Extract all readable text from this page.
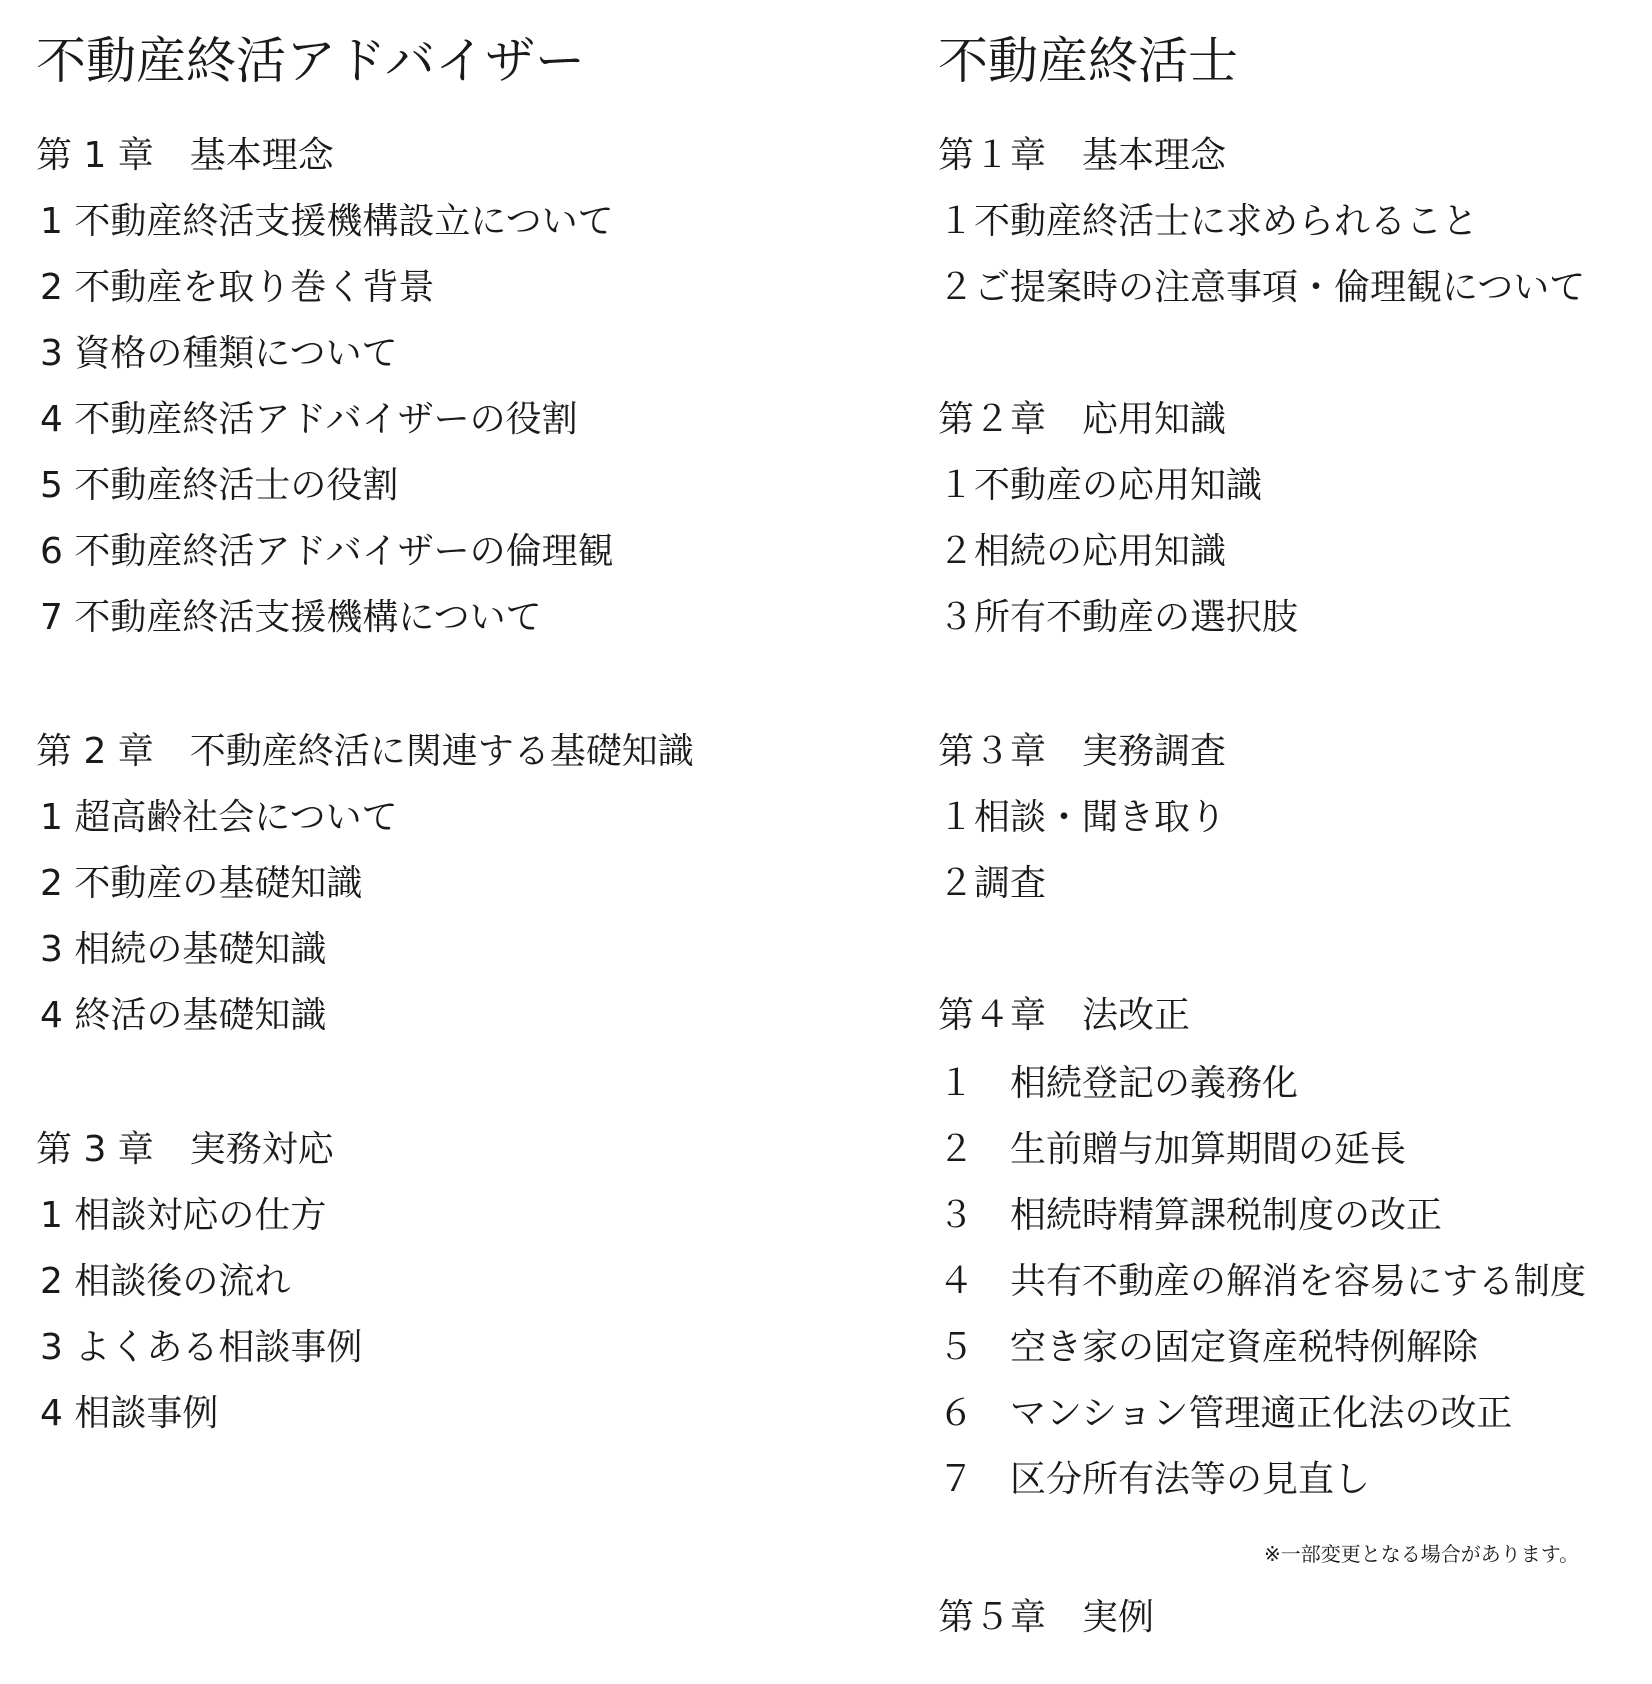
不動産終活アドバイザー
第 1 章　基本理念
1 不動産終活支援機構設立について
2 不動産を取り巻く背景
3 資格の種類について
4 不動産終活アドバイザーの役割
5 不動産終活士の役割
6 不動産終活アドバイザーの倫理観
7 不動産終活支援機構について
第 2 章　不動産終活に関連する基礎知識
1 超高齢社会について
2 不動産の基礎知識
3 相続の基礎知識
4 終活の基礎知識
第 3 章　実務対応
1 相談対応の仕方
2 相談後の流れ
3 よくある相談事例
4 相談事例
不動産終活士
第１章　基本理念
１不動産終活士に求められること
２ご提案時の注意事項・倫理観について
第２章　応用知識
１不動産の応用知識
２相続の応用知識
３所有不動産の選択肢
第３章　実務調査
１相談・聞き取り
２調査
第４章　法改正
１　相続登記の義務化
２　生前贈与加算期間の延長
３　相続時精算課税制度の改正
４　共有不動産の解消を容易にする制度
５　空き家の固定資産税特例解除
６　マンション管理適正化法の改正
７　区分所有法等の見直し
※一部変更となる場合があります。
第５章　実例
